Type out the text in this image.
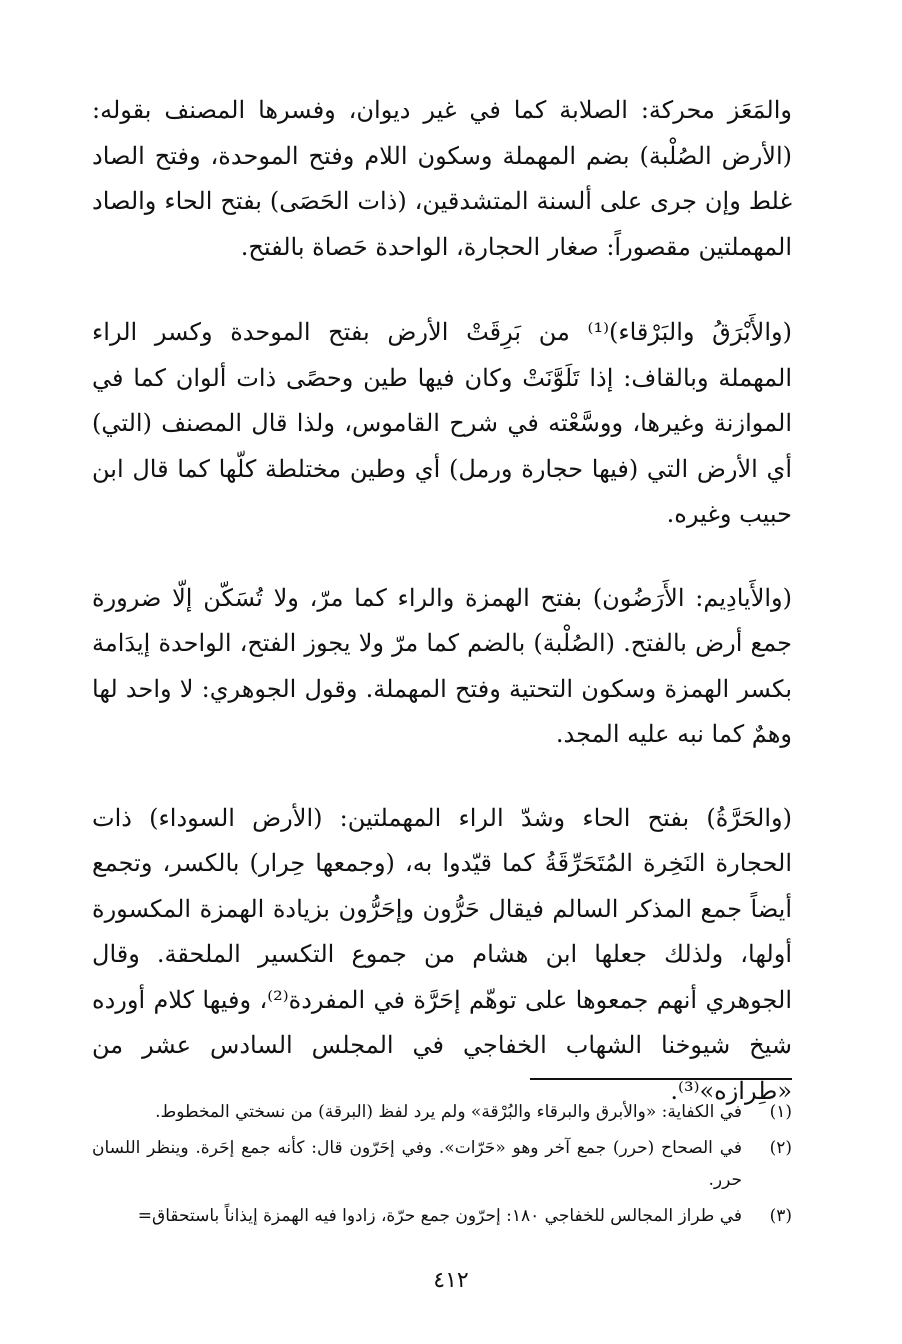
والمَعَز محركة: الصلابة كما في غير ديوان، وفسرها المصنف بقوله: (الأرض الصُلْبة) بضم المهملة وسكون اللام وفتح الموحدة، وفتح الصاد غلط وإن جرى على ألسنة المتشدقين، (ذات الحَصَى) بفتح الحاء والصاد المهملتين مقصوراً: صغار الحجارة، الواحدة حَصاة بالفتح.

(والأَبْرَقُ والبَرْقاء)⁽¹⁾ من بَرِقَتْ الأرض بفتح الموحدة وكسر الراء المهملة وبالقاف: إذا تَلَوَّنَتْ وكان فيها طين وحصًى ذات ألوان كما في الموازنة وغيرها، ووسَّعْته في شرح القاموس، ولذا قال المصنف (التي) أي الأرض التي (فيها حجارة ورمل) أي وطين مختلطة كلّها كما قال ابن حبيب وغيره.

(والأَيادِيم: الأَرَضُون) بفتح الهمزة والراء كما مرّ، ولا تُسَكّن إلّا ضرورة جمع أرض بالفتح. (الصُلْبة) بالضم كما مرّ ولا يجوز الفتح، الواحدة إيدَامة بكسر الهمزة وسكون التحتية وفتح المهملة. وقول الجوهري: لا واحد لها وهمٌ كما نبه عليه المجد.

(والحَرَّةُ) بفتح الحاء وشدّ الراء المهملتين: (الأرض السوداء) ذات الحجارة النَخِرة المُتَحَرِّقَةُ كما قيّدوا به، (وجمعها حِرار) بالكسر، وتجمع أيضاً جمع المذكر السالم فيقال حَرُّون وإحَرُّون بزيادة الهمزة المكسورة أولها، ولذلك جعلها ابن هشام من جموع التكسير الملحقة. وقال الجوهري أنهم جمعوها على توهّم إحَرَّة في المفردة⁽²⁾، وفيها كلام أورده شيخ شيوخنا الشهاب الخفاجي في المجلس السادس عشر من «طِرازه»⁽³⁾.

(١)
في الكفاية: «والأبرق والبرقاء والبُرْقة» ولم يرد لفظ (البرقة) من نسختي المخطوط.
(٢)
في الصحاح (حرر) جمع آخر وهو «حَرّات». وفي إحَرّون قال: كأنه جمع إحَرة. وينظر اللسان حرر.
(٣)
في طراز المجالس للخفاجي ١٨٠: إحرّون جمع حرّة، زادوا فيه الهمزة إيذاناً باستحقاق=
٤١٢
